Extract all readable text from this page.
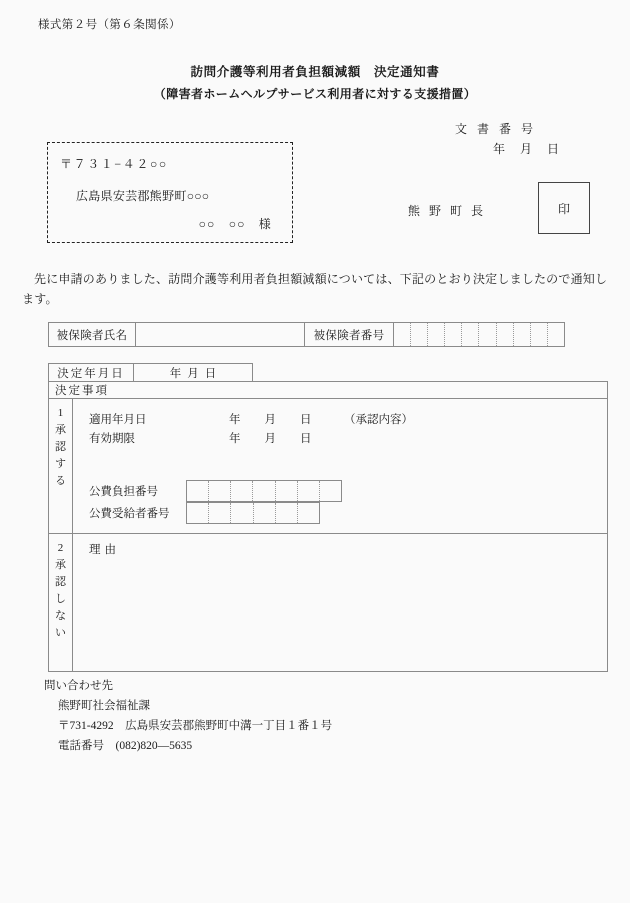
様式第２号（第６条関係）
訪問介護等利用者負担額減額　決定通知書
（障害者ホームヘルプサービス利用者に対する支援措置）
〒７３１−４２○○
広島県安芸郡熊野町○○○
○○　○○　様
文書番号
年月日
熊野町長	印
先に申請のありました、訪問介護等利用者負担額減額については、下記のとおり決定しましたので通知します。
被保険者氏名	被保険者番号
決定年月日	年月日
決定事項
1
承
認
す
る
適用年月日	年月日 （承認内容）
有効期限	年月日
公費負担番号
公費受給者番号
2
承
認
し
な
い
理由
問い合わせ先
熊野町社会福祉課
〒731-4292　広島県安芸郡熊野町中溝一丁目１番１号
電話番号　(082)820—5635
